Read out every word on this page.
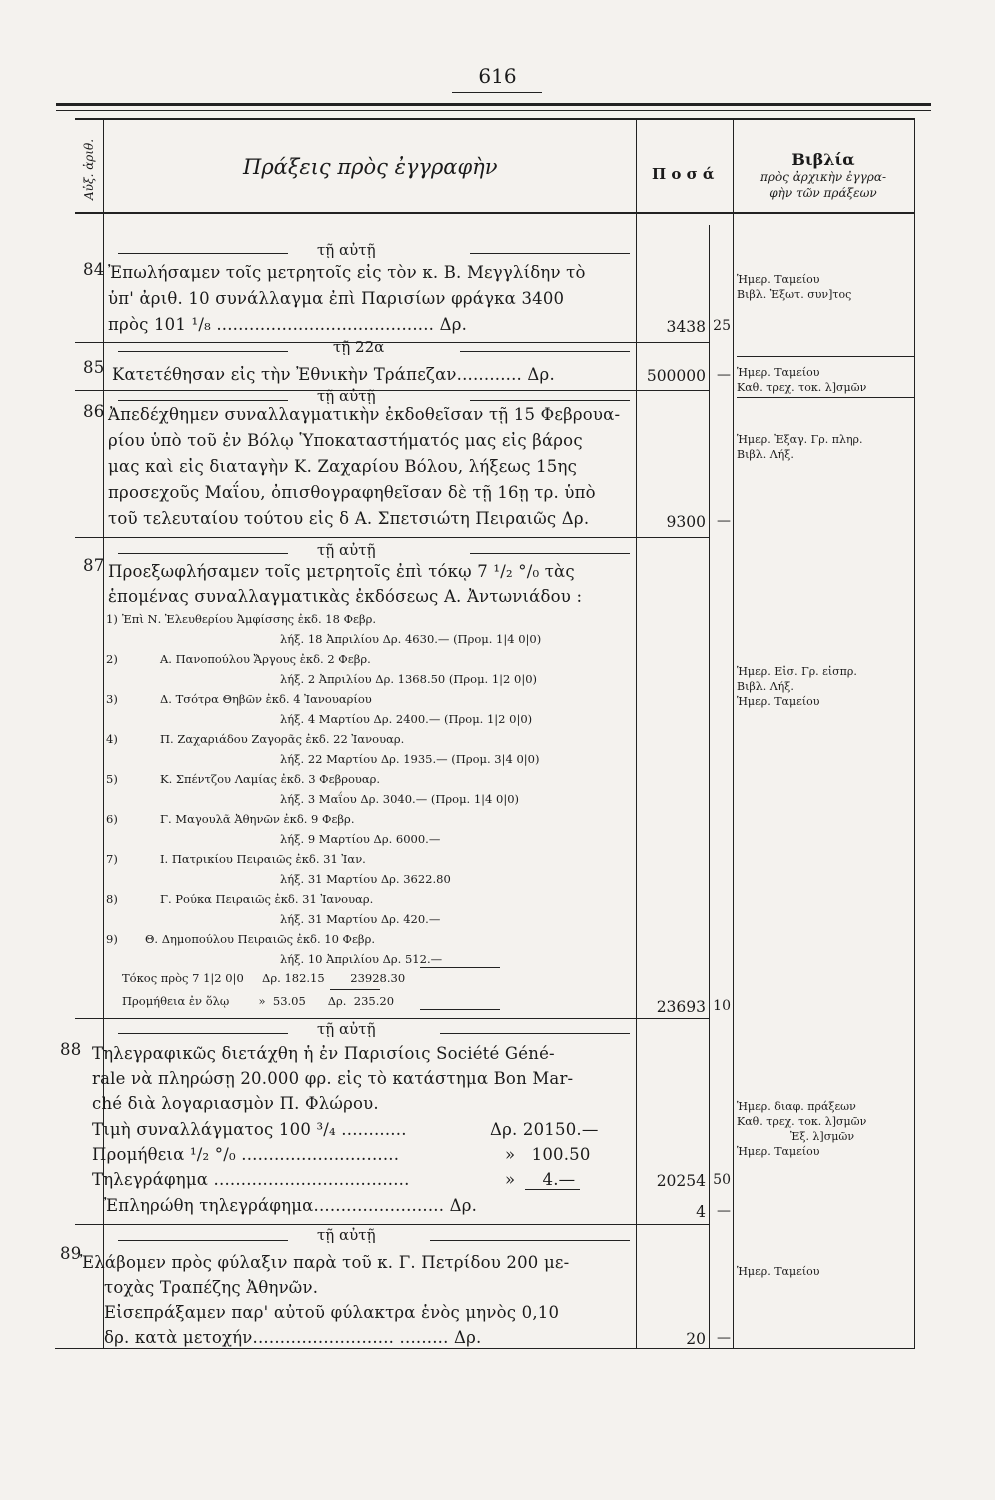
616
Αὐξ. ἀριθ.	Πράξεις πρὸς ἐγγραφὴν	Π ο σ ά
Βιβλία
πρὸς ἀρχικὴν ἐγγρα-
φὴν τῶν πράξεων
τῇ αὐτῇ
84 Ἐπωλήσαμεν τοῖς μετρητοῖς εἰς τὸν κ. Β. Μεγγλίδην τὸ
ὑπ' ἀριθ. 10 συνάλλαγμα ἐπὶ Παρισίων φράγκα 3400
πρὸς 101 ¹/₈ ........................................ Δρ.	3438 25
Ἡμερ. Ταμείου
Βιβλ. Ἐξωτ. συν]τος
τῇ 22α
85 Κατετέθησαν εἰς τὴν Ἐθνικὴν Τράπεζαν............ Δρ.	500000 — Ἡμερ. Ταμείου
Καθ. τρεχ. τοκ. λ]σμῶν
τῇ αὐτῇ
86 Ἀπεδέχθημεν συναλλαγματικὴν ἐκδοθεῖσαν τῇ 15 Φεβρουα-
ρίου ὑπὸ τοῦ ἐν Βόλῳ Ὑποκαταστήματός μας εἰς βάρος
μας καὶ εἰς διαταγὴν Κ. Ζαχαρίου Βόλου, λήξεως 15ης
προσεχοῦς Μαΐου, ὀπισθογραφηθεῖσαν δὲ τῇ 16ῃ τρ. ὑπὸ
τοῦ τελευταίου τούτου εἰς δ Α. Σπετσιώτη Πειραιῶς Δρ.	9300 —
Ἡμερ. Ἐξαγ. Γρ. πληρ.
Βιβλ. Λήξ.
τῇ αὐτῇ
87 Προεξωφλήσαμεν τοῖς μετρητοῖς ἐπὶ τόκῳ 7 ¹/₂ °/₀ τὰς
ἑπομένας συναλλαγματικὰς ἐκδόσεως Α. Ἀντωνιάδου :
1) Ἐπὶ Ν. Ἐλευθερίου Ἀμφίσσης ἐκδ. 18 Φεβρ.
λήξ. 18 Ἀπριλίου Δρ. 4630.— (Προμ. 1|4 0|0)
2)	Α. Πανοπούλου Ἄργους ἐκδ. 2 Φεβρ.
λήξ. 2 Ἀπριλίου Δρ. 1368.50 (Προμ. 1|2 0|0)
3)	Δ. Τσότρα Θηβῶν ἐκδ. 4 Ἰανουαρίου
λήξ. 4 Μαρτίου Δρ. 2400.— (Προμ. 1|2 0|0)
4)	Π. Ζαχαριάδου Ζαγορᾶς ἐκδ. 22 Ἰανουαρ.
λήξ. 22 Μαρτίου Δρ. 1935.— (Προμ. 3|4 0|0)
5)	Κ. Σπέντζου Λαμίας ἐκδ. 3 Φεβρουαρ.
λήξ. 3 Μαΐου Δρ. 3040.— (Προμ. 1|4 0|0)
6)	Γ. Μαγουλᾶ Ἀθηνῶν ἐκδ. 9 Φεβρ.
λήξ. 9 Μαρτίου Δρ. 6000.—
7)	Ι. Πατρικίου Πειραιῶς ἐκδ. 31 Ἰαν.
λήξ. 31 Μαρτίου Δρ. 3622.80
8)	Γ. Ρούκα Πειραιῶς ἐκδ. 31 Ἰανουαρ.
λήξ. 31 Μαρτίου Δρ. 420.—
9) Θ. Δημοπούλου Πειραιῶς ἐκδ. 10 Φεβρ.
λήξ. 10 Ἀπριλίου Δρ. 512.—
Τόκος πρὸς 7 1|2 0|0     Δρ. 182.15       23928.30
Προμήθεια ἐν ὅλῳ        »  53.05      Δρ.  235.20	23693 10
Ἡμερ. Εἰσ. Γρ. εἰσπρ.
Βιβλ. Λήξ.
Ἡμερ. Ταμείου
τῇ αὐτῇ
88 Τηλεγραφικῶς διετάχθη ἡ ἐν Παρισίοις Société Géné-
rale νὰ πληρώσῃ 20.000 φρ. εἰς τὸ κατάστημα Bon Mar-
ché διὰ λογαριασμὸν Π. Φλώρου.
Τιμὴ συναλλάγματος 100 ³/₄ ............	Δρ. 20150.—
Προμήθεια ¹/₂ °/₀ .............................	»   100.50
Τηλεγράφημα ....................................	»     4.—	20254 50
Ἐπληρώθη τηλεγράφημα........................ Δρ.	4 —
Ἡμερ. διαφ. πράξεων
Καθ. τρεχ. τοκ. λ]σμῶν
Ἐξ. λ]σμῶν
Ἡμερ. Ταμείου
τῇ αὐτῇ
89
Ἐλάβομεν πρὸς φύλαξιν παρὰ τοῦ κ. Γ. Πετρίδου 200 με-
τοχὰς Τραπέζης Ἀθηνῶν.
Εἰσεπράξαμεν παρ' αὐτοῦ φύλακτρα ἑνὸς μηνὸς 0,10
δρ. κατὰ μετοχήν.......................... ......... Δρ.	20 —
Ἡμερ. Ταμείου
